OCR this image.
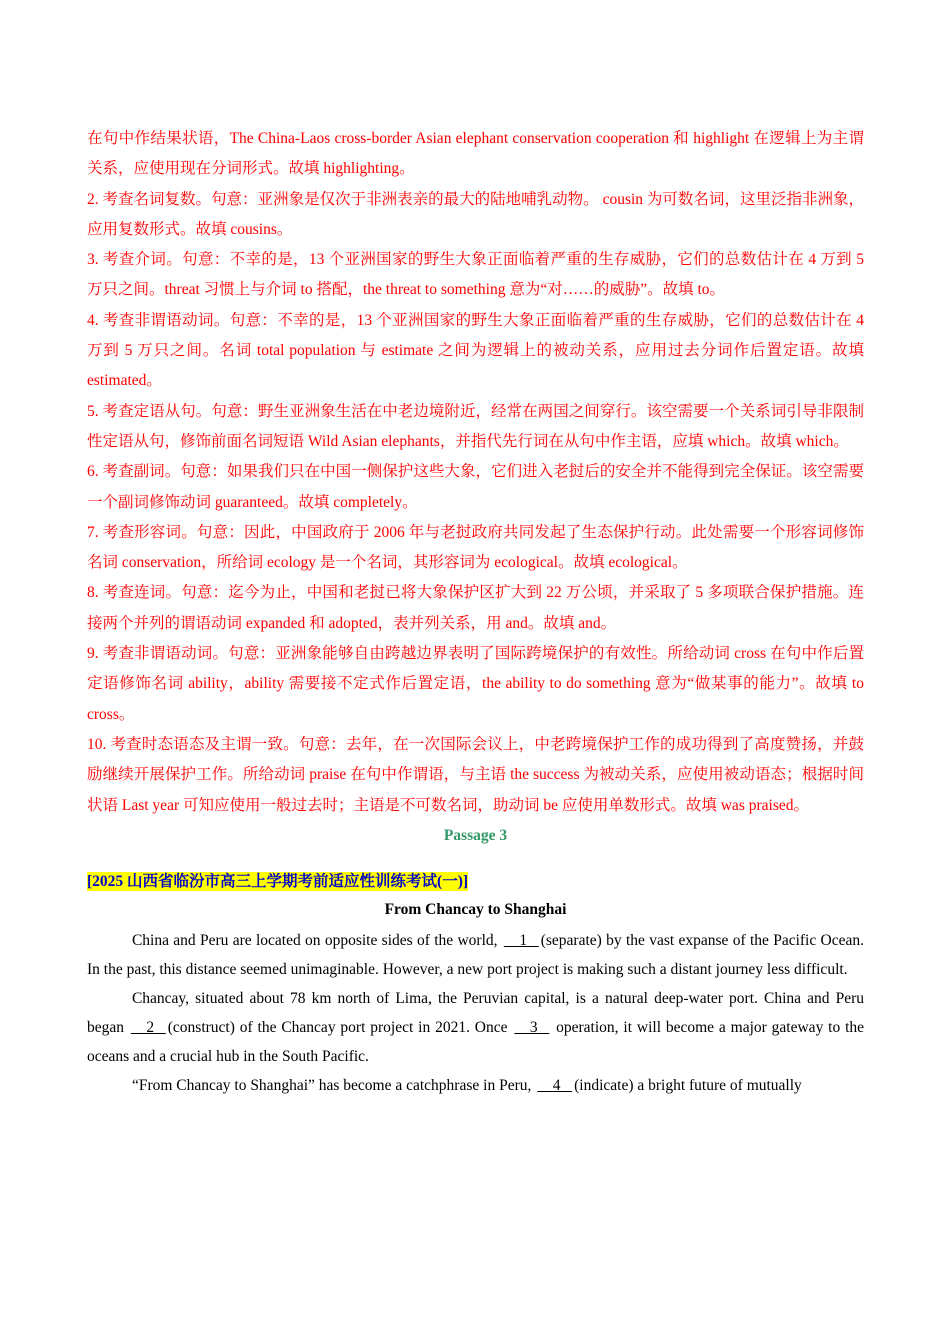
在句中作结果状语，The China-Laos cross-border Asian elephant conservation cooperation 和 highlight 在逻辑上为主谓关系，应使用现在分词形式。故填 highlighting。

2. 考查名词复数。句意：亚洲象是仅次于非洲表亲的最大的陆地哺乳动物。 cousin 为可数名词，这里泛指非洲象，应用复数形式。故填 cousins。

3. 考查介词。句意：不幸的是，13 个亚洲国家的野生大象正面临着严重的生存威胁，它们的总数估计在 4 万到 5 万只之间。threat 习惯上与介词 to 搭配，the threat to something 意为“对……的威胁”。故填 to。

4. 考查非谓语动词。句意：不幸的是，13 个亚洲国家的野生大象正面临着严重的生存威胁，它们的总数估计在 4 万到 5 万只之间。名词 total population 与 estimate 之间为逻辑上的被动关系，应用过去分词作后置定语。故填 estimated。

5. 考查定语从句。句意：野生亚洲象生活在中老边境附近，经常在两国之间穿行。该空需要一个关系词引导非限制性定语从句，修饰前面名词短语 Wild Asian elephants，并指代先行词在从句中作主语，应填 which。故填 which。

6. 考查副词。句意：如果我们只在中国一侧保护这些大象，它们进入老挝后的安全并不能得到完全保证。该空需要一个副词修饰动词 guaranteed。故填 completely。

7. 考查形容词。句意：因此，中国政府于 2006 年与老挝政府共同发起了生态保护行动。此处需要一个形容词修饰名词 conservation，所给词 ecology 是一个名词，其形容词为 ecological。故填 ecological。

8. 考查连词。句意：迄今为止，中国和老挝已将大象保护区扩大到 22 万公顷，并采取了 5 多项联合保护措施。连接两个并列的谓语动词 expanded 和 adopted，表并列关系，用 and。故填 and。

9. 考查非谓语动词。句意：亚洲象能够自由跨越边界表明了国际跨境保护的有效性。所给动词 cross 在句中作后置定语修饰名词 ability，ability 需要接不定式作后置定语，the ability to do something 意为“做某事的能力”。故填 to cross。

10. 考查时态语态及主谓一致。句意：去年，在一次国际会议上，中老跨境保护工作的成功得到了高度赞扬，并鼓励继续开展保护工作。所给动词 praise 在句中作谓语，与主语 the success 为被动关系，应使用被动语态；根据时间状语 Last year 可知应使用一般过去时；主语是不可数名词，助动词 be 应使用单数形式。故填 was praised。

Passage 3

[2025 山西省临汾市高三上学期考前适应性训练考试(一)]

From Chancay to Shanghai

China and Peru are located on opposite sides of the world, 1 (separate) by the vast expanse of the Pacific Ocean. In the past, this distance seemed unimaginable. However, a new port project is making such a distant journey less difficult.

Chancay, situated about 78 km north of Lima, the Peruvian capital, is a natural deep-water port. China and Peru began 2 (construct) of the Chancay port project in 2021. Once 3 operation, it will become a major gateway to the oceans and a crucial hub in the South Pacific.

“From Chancay to Shanghai” has become a catchphrase in Peru, 4 (indicate) a bright future of mutually
